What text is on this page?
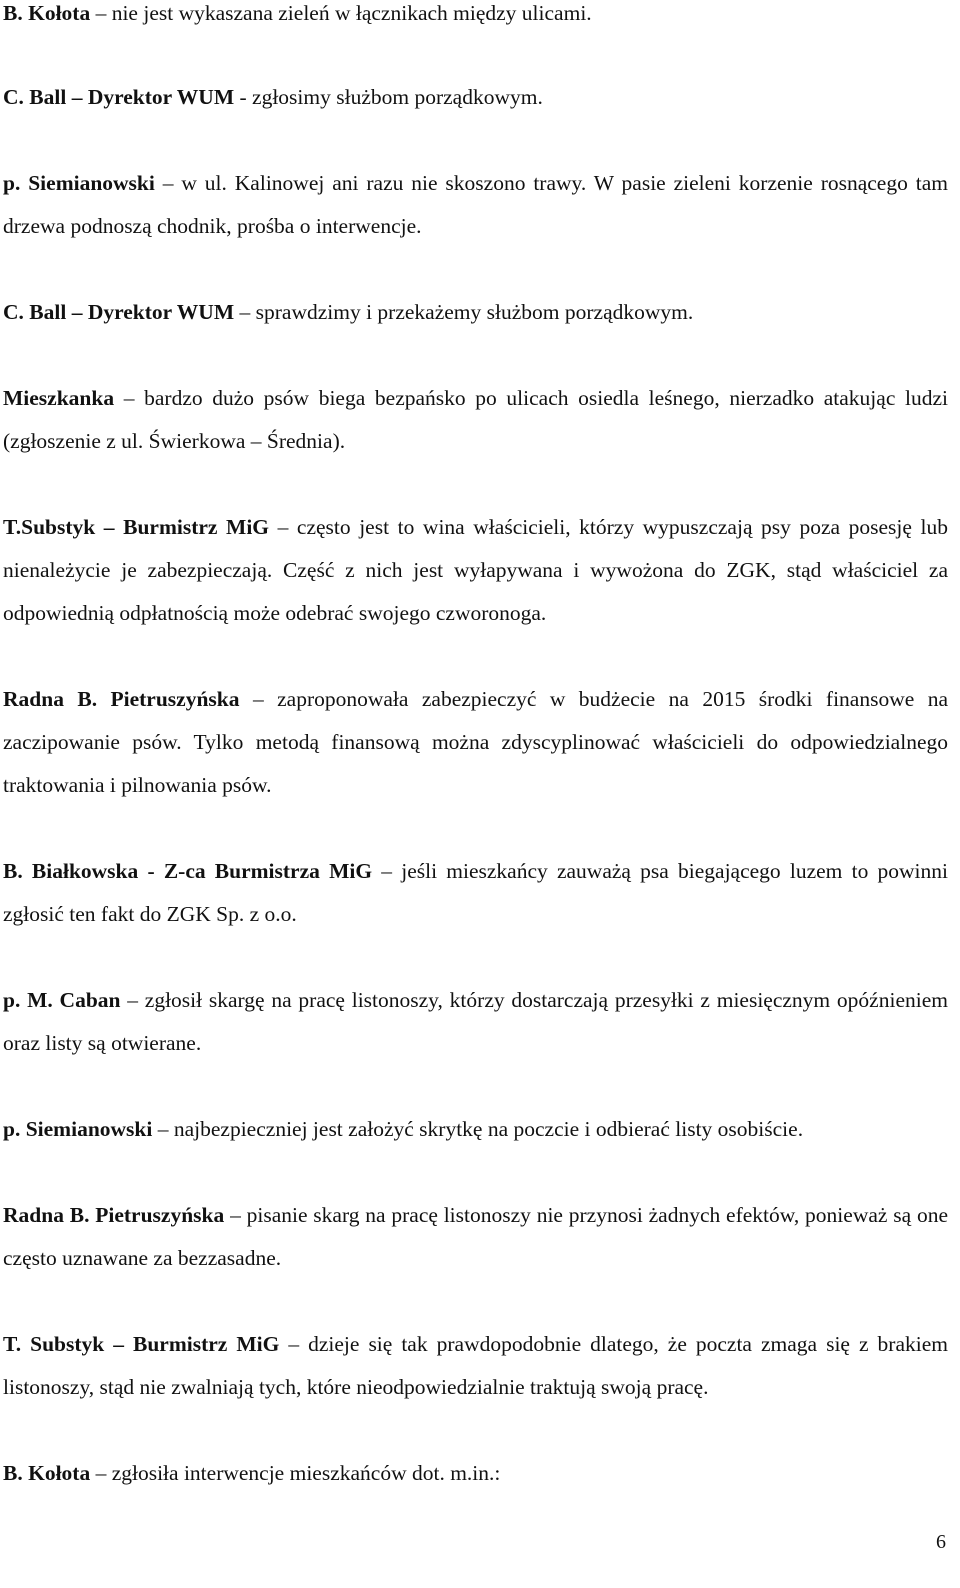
B. Kołota – nie jest wykaszana zieleń w łącznikach między ulicami.

C. Ball – Dyrektor WUM - zgłosimy służbom porządkowym.

p. Siemianowski – w ul. Kalinowej ani razu nie skoszono trawy. W pasie zieleni korzenie rosnącego tam drzewa podnoszą chodnik, prośba o interwencje.

C. Ball – Dyrektor WUM – sprawdzimy i przekażemy służbom porządkowym.

Mieszkanka – bardzo dużo psów biega bezpańsko po ulicach osiedla leśnego, nierzadko atakując ludzi (zgłoszenie z ul. Świerkowa – Średnia).

T.Substyk – Burmistrz MiG – często jest to wina właścicieli, którzy wypuszczają psy poza posesję lub nienależycie je zabezpieczają. Część z nich jest wyłapywana i wywożona do ZGK, stąd właściciel za odpowiednią odpłatnością może odebrać swojego czworonoga.

Radna B. Pietruszyńska – zaproponowała zabezpieczyć w budżecie na 2015 środki finansowe na zaczipowanie psów. Tylko metodą finansową można zdyscyplinować właścicieli do odpowiedzialnego traktowania i pilnowania psów.

B. Białkowska - Z-ca Burmistrza MiG – jeśli mieszkańcy zauważą psa biegającego luzem to powinni zgłosić ten fakt do ZGK Sp. z o.o.

p. M. Caban – zgłosił skargę na pracę listonoszy, którzy dostarczają przesyłki z miesięcznym opóźnieniem oraz listy są otwierane.

p. Siemianowski – najbezpieczniej jest założyć skrytkę na poczcie i odbierać listy osobiście.

Radna B. Pietruszyńska – pisanie skarg na pracę listonoszy nie przynosi żadnych efektów, ponieważ są one często uznawane za bezzasadne.

T. Substyk – Burmistrz MiG – dzieje się tak prawdopodobnie dlatego, że poczta zmaga się z brakiem listonoszy, stąd nie zwalniają tych, które nieodpowiedzialnie traktują swoją pracę.

B. Kołota – zgłosiła interwencje mieszkańców dot. m.in.:

6
